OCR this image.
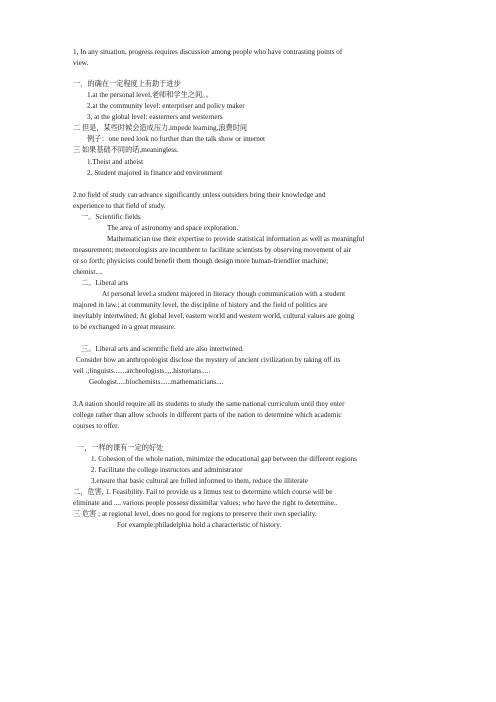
1, In any situation, progress requires discussion among people who have contrasting points of
view.
一．的确在一定程度上有助于进步
1.at the personal level,老师和学生之间。。
2.at the community level: enterpriser and policy maker
3, at the global level: easterners and westerners
二 但是，某些时候会造成压力,impede learning,浪费时间
例子：one need look no further than the talk show or internet
三 如果基础不同的话,meaningless.
1.Theist and atheist
2. Student majored in finance and environment
2.no field of study can advance significantly unless outsiders bring their knowledge and
experience to that field of study.
一。Scientific fields
The area of astronomy and space exploration.
Mathematician use their expertise to provide statistical information as well as meaningful
measurement; meteorologists are incumbent to facilitate scientists by observing movement of air
or so forth; physicists could benefit them though design more human-friendlier machine;
chemist....
二。Liberal arts
At personal level.a student majored in literacy though communication with a student
majored in law.; at community level, the discipline of history and the field of politics are
inevitably intertwined; At global level, eastern world and western world, cultural values are going
to be exchanged in a great measure.
三。Liberal arts and scientific field are also intertwined.
Consider how an anthropologist disclose the mystery of ancient civilization by taking off its
veil .;linguists.......archeologists..,,.historians.....
Geologist.....biochemists......mathematicians....
3.A nation should require all its students to study the same national curriculum until they enter
college rather than allow schools in different parts of the nation to determine which academic
courses to offer.
一，一样的课有一定的好处
1. Cohesion of the whole nation, minimize the educational gap between the different regions
2. Facilitate the college instructors and administrator
3.ensure that basic cultural are fulled informed to them, reduce the illiterate
二，危害, 1. Feasibility. Fail to provide us a litmus test to determine which course will be
eliminate and .... various people possess dissimilar values; who have the right to determine..
三 危害 ; at regional level, does no good for regions to preserve their own speciality.
For example:philadelphia hold a characteristic of history.
